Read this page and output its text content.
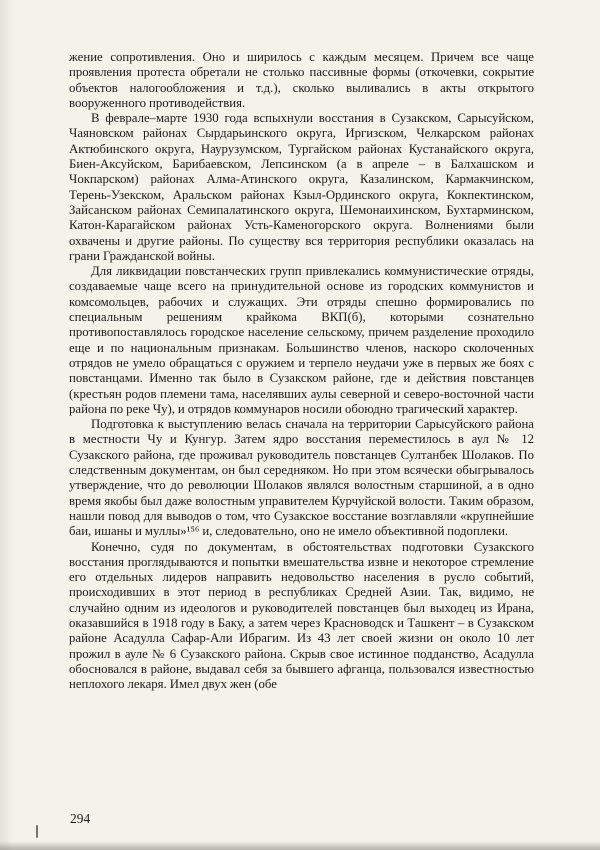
жение сопротивления. Оно и ширилось с каждым месяцем. Причем все чаще проявления протеста обретали не столько пассивные формы (откочевки, сокрытие объектов налогообложения и т.д.), сколько выливались в акты открытого вооруженного противодействия.

В феврале–марте 1930 года вспыхнули восстания в Сузакском, Сарысуйском, Чаяновском районах Сырдарьинского округа, Иргизском, Челкарском районах Актюбинского округа, Наурузумском, Тургайском районах Кустанайского округа, Биен-Аксуйском, Барибаевском, Лепсинском (а в апреле – в Балхашском и Чокпарском) районах Алма-Атинского округа, Казалинском, Кармакчинском, Терень-Узекском, Аральском районах Кзыл-Ординского округа, Кокпектинском, Зайсанском районах Семипалатинского округа, Шемонаихинском, Бухтарминском, Катон-Карагайском районах Усть-Каменогорского округа. Волнениями были охвачены и другие районы. По существу вся территория республики оказалась на грани Гражданской войны.

Для ликвидации повстанческих групп привлекались коммунистические отряды, создаваемые чаще всего на принудительной основе из городских коммунистов и комсомольцев, рабочих и служащих. Эти отряды спешно формировались по специальным решениям крайкома ВКП(б), которыми сознательно противопоставлялось городское население сельскому, причем разделение проходило еще и по национальным признакам. Большинство членов, наскоро сколоченных отрядов не умело обращаться с оружием и терпело неудачи уже в первых же боях с повстанцами. Именно так было в Сузакском районе, где и действия повстанцев (крестьян родов племени тама, населявших аулы северной и северо-восточной части района по реке Чу), и отрядов коммунаров носили обоюдно трагический характер.

Подготовка к выступлению велась сначала на территории Сарысуйского района в местности Чу и Кунгур. Затем ядро восстания переместилось в аул № 12 Сузакского района, где проживал руководитель повстанцев Султанбек Шолаков. По следственным документам, он был середняком. Но при этом всячески обыгрывалось утверждение, что до революции Шолаков являлся волостным старшиной, а в одно время якобы был даже волостным управителем Курчуйской волости. Таким образом, нашли повод для выводов о том, что Сузакское восстание возглавляли «крупнейшие баи, ишаны и муллы»¹⁵⁶ и, следовательно, оно не имело объективной подоплеки.

Конечно, судя по документам, в обстоятельствах подготовки Сузакского восстания проглядываются и попытки вмешательства извне и некоторое стремление его отдельных лидеров направить недовольство населения в русло событий, происходивших в этот период в республиках Средней Азии. Так, видимо, не случайно одним из идеологов и руководителей повстанцев был выходец из Ирана, оказавшийся в 1918 году в Баку, а затем через Красноводск и Ташкент – в Сузакском районе Асадулла Сафар-Али Ибрагим. Из 43 лет своей жизни он около 10 лет прожил в ауле № 6 Сузакского района. Скрыв свое истинное подданство, Асадулла обосновался в районе, выдавал себя за бывшего афганца, пользовался известностью неплохого лекаря. Имел двух жен (обе

294
